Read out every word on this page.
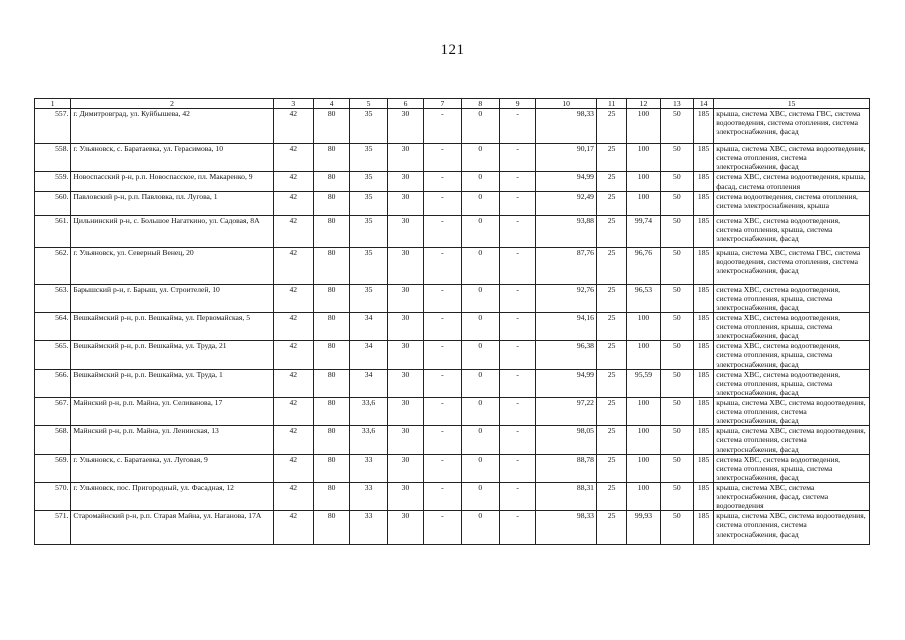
121
1	2	3	4	5	6	7	8	9	10	11	12	13	14	15
557.	г. Димитровград, ул. Куйбышева, 42	42	80	35	30	-	0	-	98,33	25	100	50	185	крыша, система ХВС, система ГВС, система водоотведения, система отопления, система электроснабжения, фасад
558.	г. Ульяновск, с. Баратаевка, ул. Герасимова, 10	42	80	35	30	-	0	-	90,17	25	100	50	185	крыша, система ХВС, система водоотведения, система отопления, система электроснабжения, фасад
559.	Новоспасский р-н, р.п. Новоспасское, пл. Макаренко, 9	42	80	35	30	-	0	-	94,99	25	100	50	185	система ХВС, система водоотведения, крыша, фасад, система отопления
560.	Павловский р-н, р.п. Павловка, пл. Лугова, 1	42	80	35	30	-	0	-	92,49	25	100	50	185	система водоотведения, система отопления, система электроснабжения, крыша
561.	Цильнинский р-н, с. Большое Нагаткино, ул. Садовая, 8А	42	80	35	30	-	0	-	93,88	25	99,74	50	185	система ХВС, система водоотведения, система отопления, крыша, система электроснабжения, фасад
562.	г. Ульяновск, ул. Северный Венец, 20	42	80	35	30	-	0	-	87,76	25	96,76	50	185	крыша, система ХВС, система ГВС, система водоотведения, система отопления, система электроснабжения, фасад
563.	Барышский р-н, г. Барыш, ул. Строителей, 10	42	80	35	30	-	0	-	92,76	25	96,53	50	185	система ХВС, система водоотведения, система отопления, крыша, система электроснабжения, фасад
564.	Вешкаймский р-н, р.п. Вешкайма, ул. Первомайская, 5	42	80	34	30	-	0	-	94,16	25	100	50	185	система ХВС, система водоотведения, система отопления, крыша, система электроснабжения, фасад
565.	Вешкаймский р-н, р.п. Вешкайма, ул. Труда, 21	42	80	34	30	-	0	-	96,38	25	100	50	185	система ХВС, система водоотведения, система отопления, крыша, система электроснабжения, фасад
566.	Вешкаймский р-н, р.п. Вешкайма, ул. Труда, 1	42	80	34	30	-	0	-	94,99	25	95,59	50	185	система ХВС, система водоотведения, система отопления, крыша, система электроснабжения, фасад
567.	Майнский р-н, р.п. Майна, ул. Селиванова, 17	42	80	33,6	30	-	0	-	97,22	25	100	50	185	крыша, система ХВС, система водоотведения, система отопления, система электроснабжения, фасад
568.	Майнский р-н, р.п. Майна, ул. Ленинская, 13	42	80	33,6	30	-	0	-	98,05	25	100	50	185	крыша, система ХВС, система водоотведения, система отопления, система электроснабжения, фасад
569.	г. Ульяновск, с. Баратаевка, ул. Луговая, 9	42	80	33	30	-	0	-	88,78	25	100	50	185	система ХВС, система водоотведения, система отопления, крыша, система электроснабжения, фасад
570.	г. Ульяновск, пос. Пригородный, ул. Фасадная, 12	42	80	33	30	-	0	-	88,31	25	100	50	185	крыша, система ХВС, система электроснабжения, фасад, система водоотведения
571.	Старомайнский р-н, р.п. Старая Майна, ул. Наганова, 17А	42	80	33	30	-	0	-	98,33	25	99,93	50	185	крыша, система ХВС, система водоотведения, система отопления, система электроснабжения, фасад
